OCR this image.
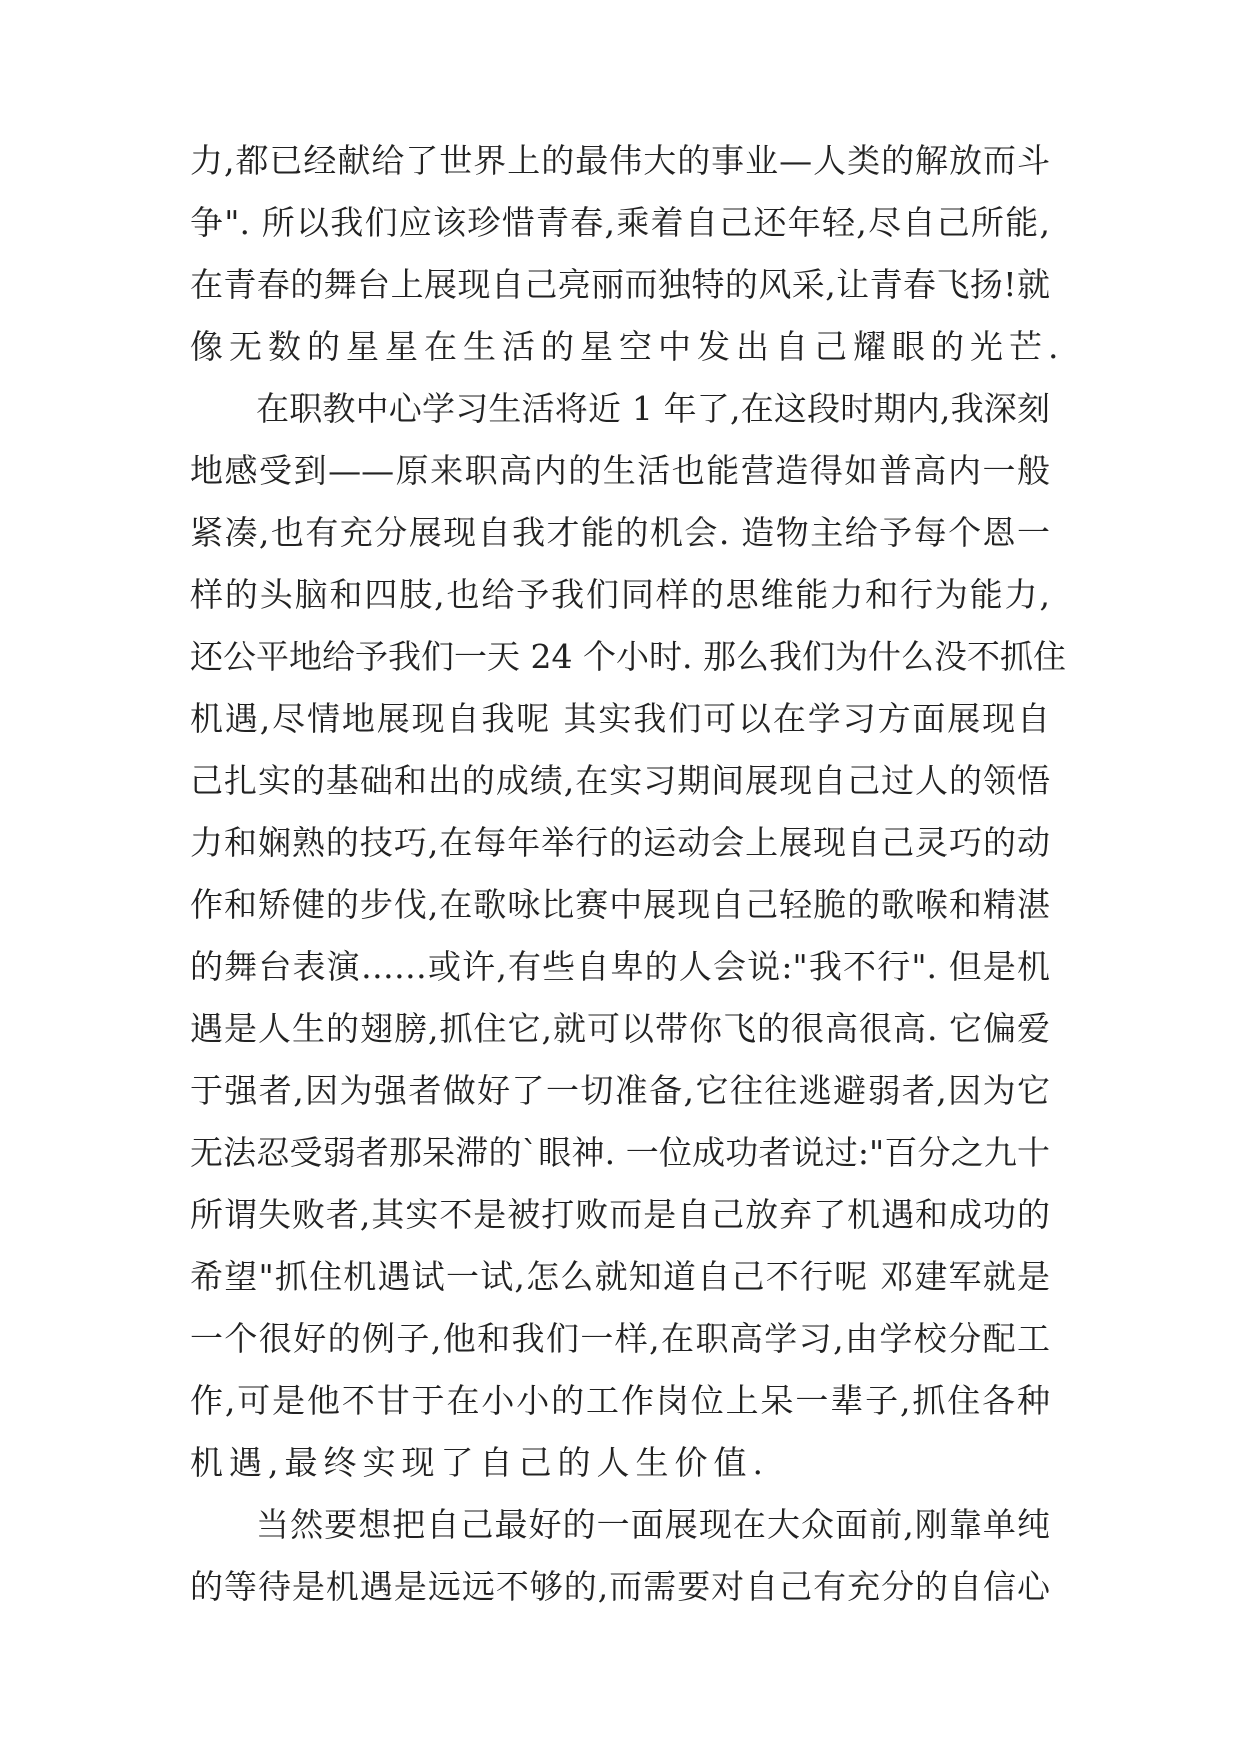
力,都已经献给了世界上的最伟大的事业—人类的解放而斗
争". 所以我们应该珍惜青春,乘着自己还年轻,尽自己所能,
在青春的舞台上展现自己亮丽而独特的风采,让青春飞扬!就
像无数的星星在生活的星空中发出自己耀眼的光芒.
在职教中心学习生活将近 1 年了,在这段时期内,我深刻
地感受到——原来职高内的生活也能营造得如普高内一般
紧凑,也有充分展现自我才能的机会. 造物主给予每个恩一
样的头脑和四肢,也给予我们同样的思维能力和行为能力,
还公平地给予我们一天 24 个小时. 那么我们为什么没不抓住
机遇,尽情地展现自我呢 其实我们可以在学习方面展现自
己扎实的基础和出的成绩,在实习期间展现自己过人的领悟
力和娴熟的技巧,在每年举行的运动会上展现自己灵巧的动
作和矫健的步伐,在歌咏比赛中展现自己轻脆的歌喉和精湛
的舞台表演……或许,有些自卑的人会说:"我不行". 但是机
遇是人生的翅膀,抓住它,就可以带你飞的很高很高. 它偏爱
于强者,因为强者做好了一切准备,它往往逃避弱者,因为它
无法忍受弱者那呆滞的`眼神. 一位成功者说过:"百分之九十
所谓失败者,其实不是被打败而是自己放弃了机遇和成功的
希望"抓住机遇试一试,怎么就知道自己不行呢 邓建军就是
一个很好的例子,他和我们一样,在职高学习,由学校分配工
作,可是他不甘于在小小的工作岗位上呆一辈子,抓住各种
机遇,最终实现了自己的人生价值.
当然要想把自己最好的一面展现在大众面前,刚靠单纯
的等待是机遇是远远不够的,而需要对自己有充分的自信心
